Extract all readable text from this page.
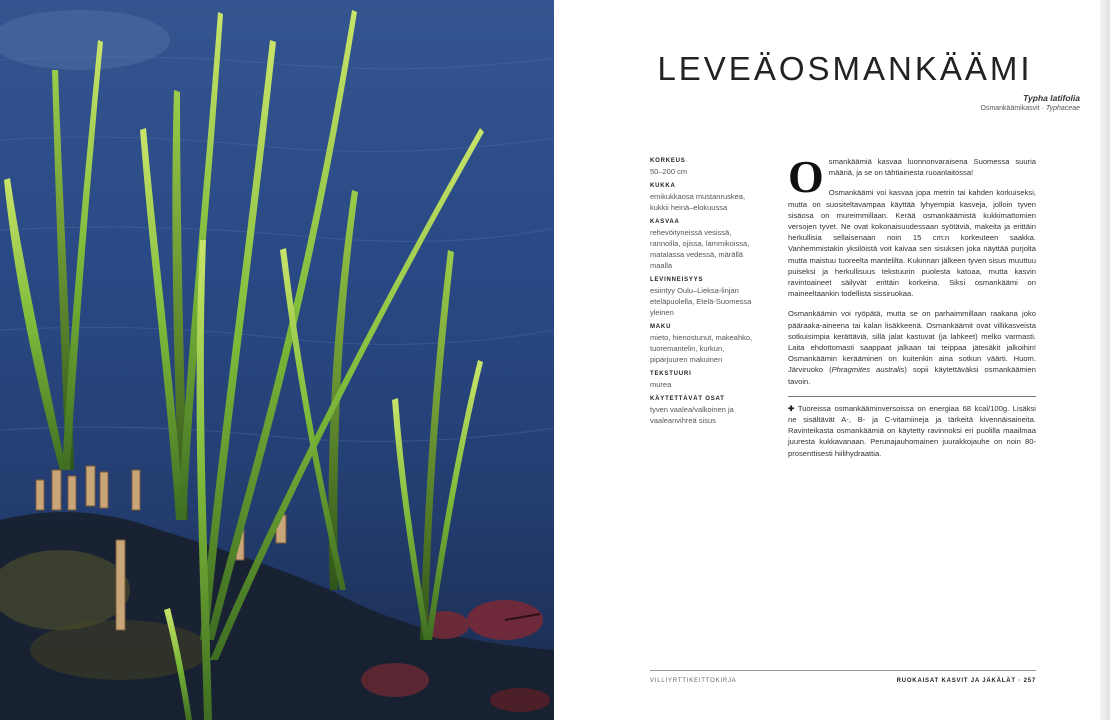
LEVEÄOSMANKÄÄMI
Typha latifolia
Osmankäämikasvit · Typhaceae
KORKEUS
50–200 cm
KUKKA
emikukkaosa mustanruskea, kukkii heinä–elokuussa
KASVAA
rehevöityneissä vesissä, rannoilla, ojissa, lammikoissa, matalassa vedessä, märällä maalla
LEVINNEISYYS
esiintyy Oulu–Lieksa-linjan eteläpuolella, Etelä-Suomessa yleinen
MAKU
mieto, hienostunut, makeahko, tuoremantelin, kurkun, piparjuuren makuinen
TEKSTUURI
murea
KÄYTETTÄVÄT OSAT
tyven vaalea/valkoinen ja vaaleanvihreä sisus

Osmankäämiä kasvaa luonnonvaraisena Suomessa suuria määriä, ja se on tähtiainesta ruoanlaitossa!

Osmankäämi voi kasvaa jopa metrin tai kahden korkuiseksi, mutta on suositeltavampaa käyttää lyhyempiä kasveja, jolloin tyven sisäosa on mureimmillaan. Kerää osmankäämistä kukkimattomien versojen tyvet. Ne ovat kokonaisuudessaan syötäviä, makeita ja erittäin herkullisia sellaisenaan noin 15 cm:n korkeuteen saakka. Vanhemmistakin yksilöistä voit kaivaa sen sisuksen joka näyttää purjolta mutta maistuu tuoreelta mantelilta. Kukinnan jälkeen tyven sisus muuttuu puiseksi ja herkullisuus tekstuurin puolesta katoaa, mutta kasvin ravintoaineet säilyvät erittäin korkeina. Siksi osmankäämi on maineeltaankin todellista sissiruokaa.

Osmankäämin voi ryöpätä, mutta se on parhaimmillaan raakana joko pääraaka-aineena tai kalan lisäkkeenä. Osmankäämit ovat villikasveista sotkuisimpia kerättäviä, sillä jalat kastuvat (ja lahkeet) melko varmasti. Laita ehdottomasti saappaat jalkaan tai teippaa jätesäkit jalkoihin! Osmankäämin kerääminen on kuitenkin aina sotkun väärti. Huom. Järviruoko (Phragmites australis) sopii käytettäväksi osmankäämien tavoin.

✚ Tuoreissa osmankääminversoissa on energiaa 68 kcal/100g. Lisäksi ne sisältävät A-, B- ja C-vitamiineja ja tärkeitä kivennäisaineita. Ravinteikasta osmankäämiä on käytetty ravinnoksi eri puolilla maailmaa juuresta kukkavanaan. Perunajauhomainen juurakkojauhe on noin 80-prosenttisesti hiilihydraattia.

VILLIYRTTIKEITTOKIRJA	RUOKAISAT KASVIT JA JÄKÄLÄT · 257
